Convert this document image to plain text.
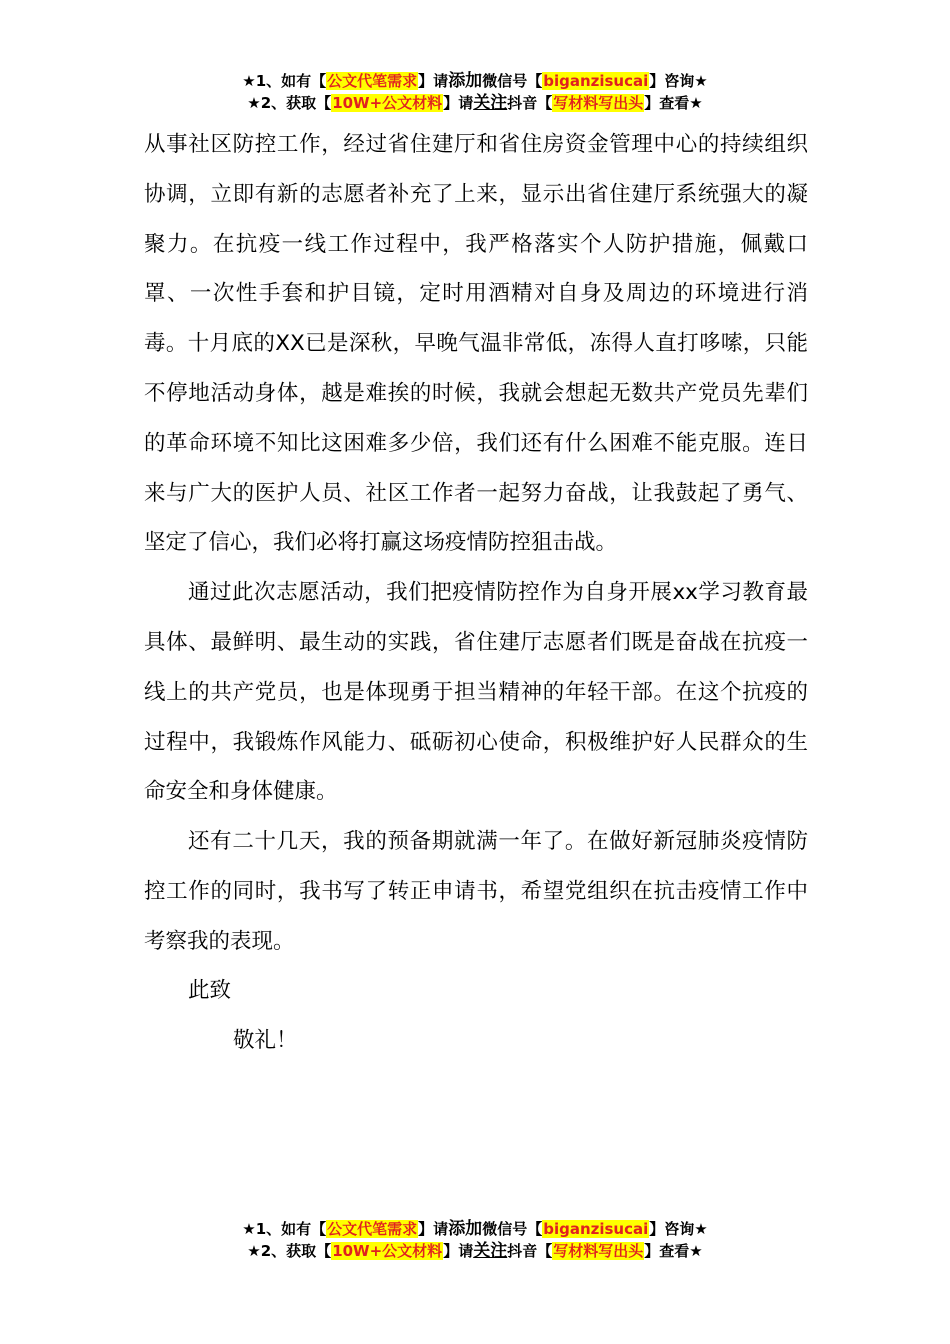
★1、如有【公文代笔需求】请添加微信号【biganzisucai】咨询★
★2、获取【10W+公文材料】请关注抖音【写材料写出头】查看★

从事社区防控工作，经过省住建厅和省住房资金管理中心的持续组织协调，立即有新的志愿者补充了上来，显示出省住建厅系统强大的凝聚力。在抗疫一线工作过程中，我严格落实个人防护措施，佩戴口罩、一次性手套和护目镜，定时用酒精对自身及周边的环境进行消毒。十月底的XX已是深秋，早晚气温非常低，冻得人直打哆嗦，只能不停地活动身体，越是难挨的时候，我就会想起无数共产党员先辈们的革命环境不知比这困难多少倍，我们还有什么困难不能克服。连日来与广大的医护人员、社区工作者一起努力奋战，让我鼓起了勇气、坚定了信心，我们必将打赢这场疫情防控狙击战。

通过此次志愿活动，我们把疫情防控作为自身开展xx学习教育最具体、最鲜明、最生动的实践，省住建厅志愿者们既是奋战在抗疫一线上的共产党员，也是体现勇于担当精神的年轻干部。在这个抗疫的过程中，我锻炼作风能力、砥砺初心使命，积极维护好人民群众的生命安全和身体健康。

还有二十几天，我的预备期就满一年了。在做好新冠肺炎疫情防控工作的同时，我书写了转正申请书，希望党组织在抗击疫情工作中考察我的表现。

此致
敬礼！
★1、如有【公文代笔需求】请添加微信号【biganzisucai】咨询★
★2、获取【10W+公文材料】请关注抖音【写材料写出头】查看★
